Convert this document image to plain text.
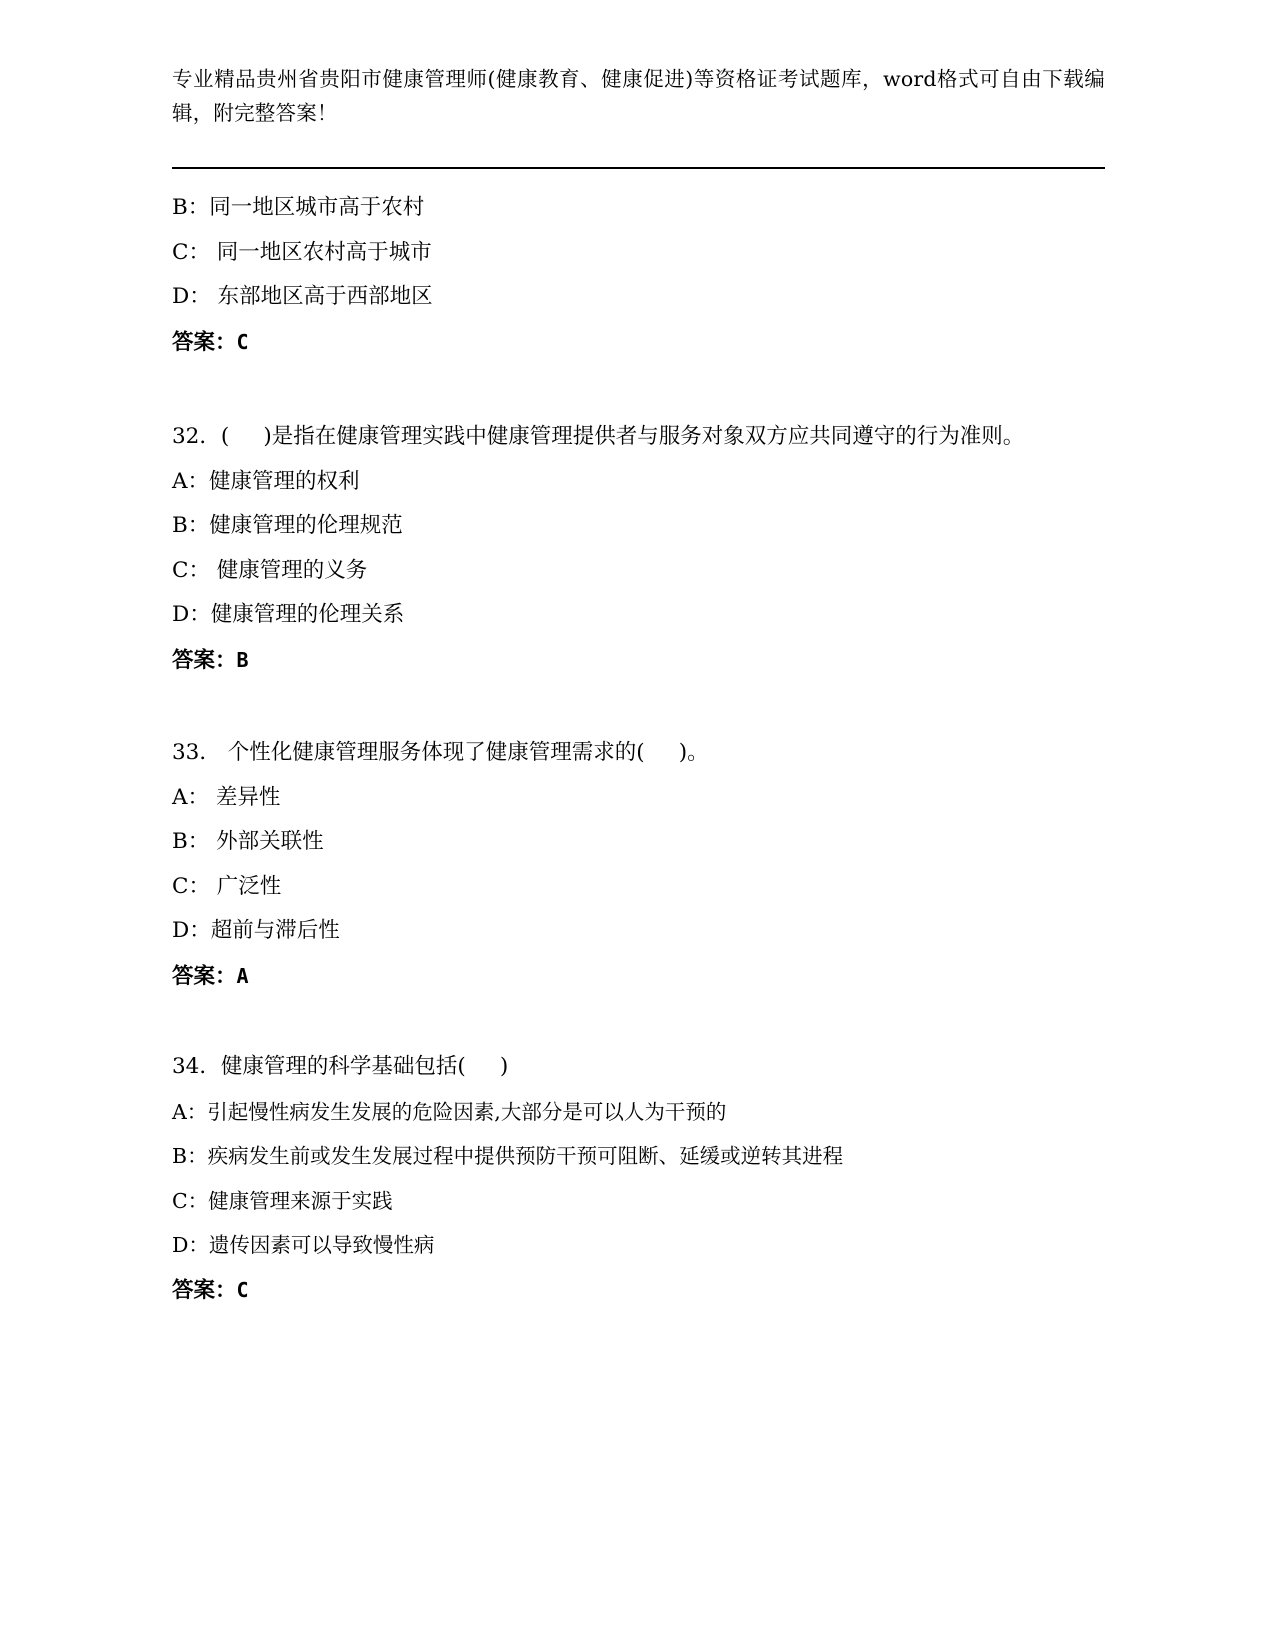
专业精品贵州省贵阳市健康管理师(健康教育、健康促进)等资格证考试题库，word格式可自由下载编辑，附完整答案！
B：同一地区城市高于农村
C： 同一地区农村高于城市
D： 东部地区高于西部地区
答案：C
32．(     )是指在健康管理实践中健康管理提供者与服务对象双方应共同遵守的行为准则。
A：健康管理的权利
B：健康管理的伦理规范
C： 健康管理的义务
D：健康管理的伦理关系
答案：B
33． 个性化健康管理服务体现了健康管理需求的(     )。
A： 差异性
B： 外部关联性
C： 广泛性
D：超前与滞后性
答案：A
34．健康管理的科学基础包括(     )
A：引起慢性病发生发展的危险因素,大部分是可以人为干预的
B：疾病发生前或发生发展过程中提供预防干预可阻断、延缓或逆转其进程
C：健康管理来源于实践
D：遗传因素可以导致慢性病
答案：C
